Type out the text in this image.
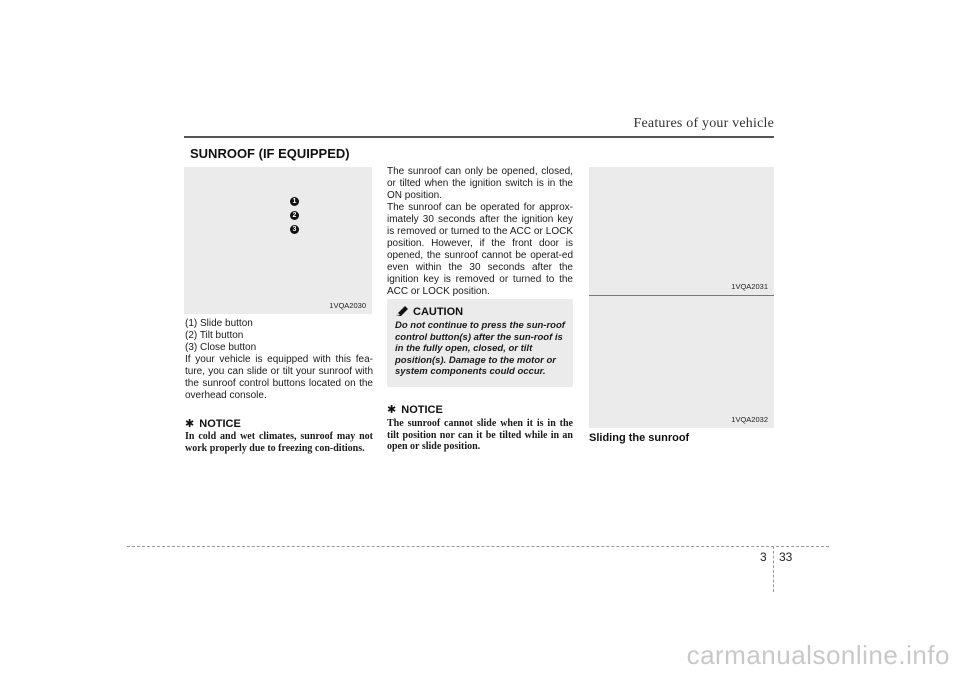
Features of your vehicle
SUNROOF (IF EQUIPPED)
1
2
3
1VQA2030

(1) Slide button

(2) Tilt button

(3) Close button

If your vehicle is equipped with this fea-ture, you can slide or tilt your sunroof with the sunroof control buttons located on the overhead console.

✱ NOTICE
In cold and wet climates, sunroof may not work properly due to freezing con-ditions.

The sunroof can only be opened, closed, or tilted when the ignition switch is in the ON position.

The sunroof can be operated for approx-imately 30 seconds after the ignition key is removed or turned to the ACC or LOCK position. However, if the front door is opened, the sunroof cannot be operat-ed even within the 30 seconds after the ignition key is removed or turned to the ACC or LOCK position.

CAUTION
Do not continue to press the sun-roof control button(s) after the sun-roof is in the fully open, closed, or tilt position(s). Damage to the motor or system components could occur.
✱ NOTICE
The sunroof cannot slide when it is in the tilt position nor can it be tilted while in an open or slide position.
1VQA2031
1VQA2032
Sliding the sunroof
3 33
carmanualsonline.info
